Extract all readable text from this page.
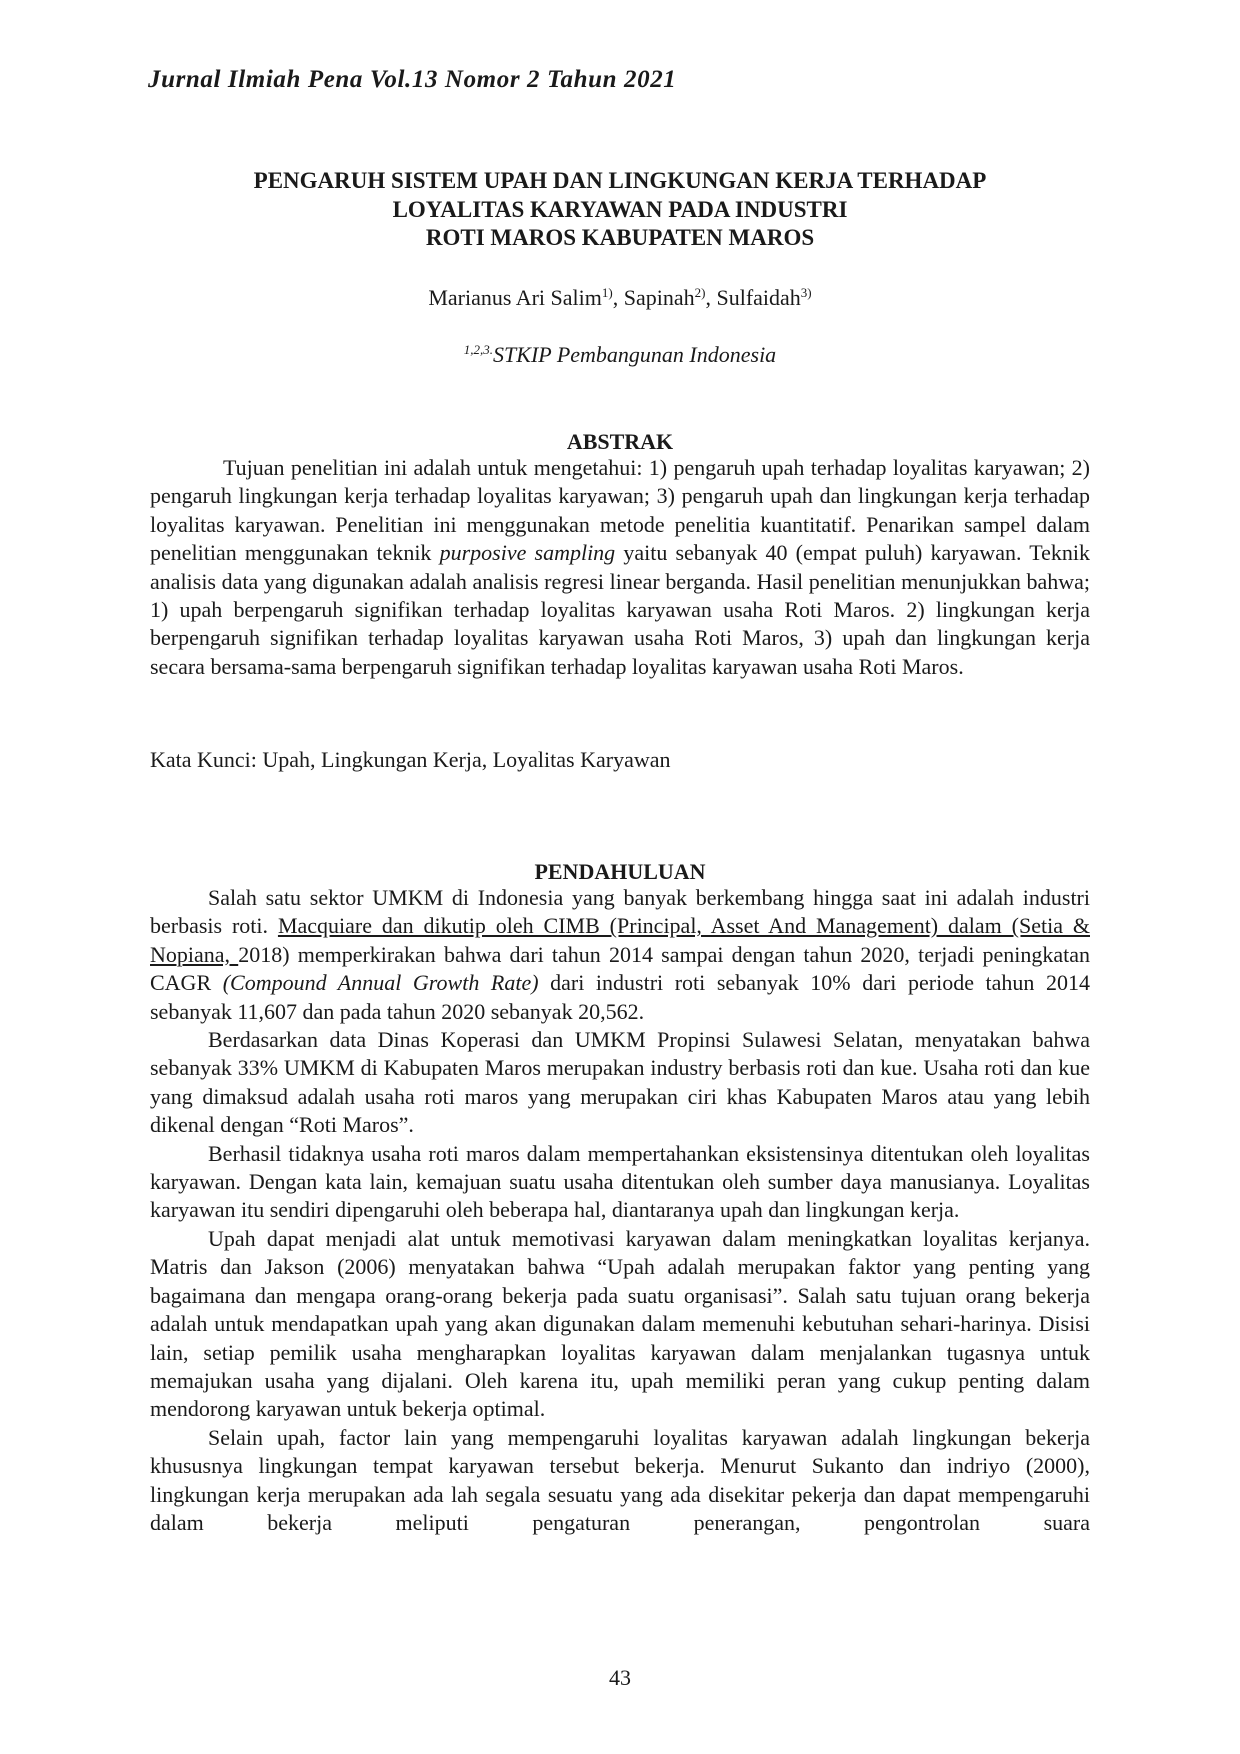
Jurnal Ilmiah Pena Vol.13 Nomor 2 Tahun 2021
PENGARUH SISTEM UPAH DAN LINGKUNGAN KERJA TERHADAP
LOYALITAS KARYAWAN PADA INDUSTRI
ROTI MAROS KABUPATEN MAROS
Marianus Ari Salim$^{1)}$, Sapinah$^{2)}$, Sulfaidah$^{3)}$
$^{1,2,3.}$STKIP Pembangunan Indonesia
ABSTRAK

Tujuan penelitian ini adalah untuk mengetahui: 1) pengaruh upah terhadap loyalitas karyawan; 2) pengaruh lingkungan kerja terhadap loyalitas karyawan; 3) pengaruh upah dan lingkungan kerja terhadap loyalitas karyawan. Penelitian ini menggunakan metode penelitia kuantitatif. Penarikan sampel dalam penelitian menggunakan teknik purposive sampling yaitu sebanyak 40 (empat puluh) karyawan. Teknik analisis data yang digunakan adalah analisis regresi linear berganda. Hasil penelitian menunjukkan bahwa; 1) upah berpengaruh signifikan terhadap loyalitas karyawan usaha Roti Maros. 2) lingkungan kerja berpengaruh signifikan terhadap loyalitas karyawan usaha Roti Maros, 3) upah dan lingkungan kerja secara bersama-sama berpengaruh signifikan terhadap loyalitas karyawan usaha Roti Maros.

Kata Kunci: Upah, Lingkungan Kerja, Loyalitas Karyawan
PENDAHULUAN

Salah satu sektor UMKM di Indonesia yang banyak berkembang hingga saat ini adalah industri berbasis roti. Macquiare dan dikutip oleh CIMB (Principal, Asset And Management) dalam (Setia & Nopiana, 2018) memperkirakan bahwa dari tahun 2014 sampai dengan tahun 2020, terjadi peningkatan CAGR (Compound Annual Growth Rate) dari industri roti sebanyak 10% dari periode tahun 2014 sebanyak 11,607 dan pada tahun 2020 sebanyak 20,562.

Berdasarkan data Dinas Koperasi dan UMKM Propinsi Sulawesi Selatan, menyatakan bahwa sebanyak 33% UMKM di Kabupaten Maros merupakan industry berbasis roti dan kue. Usaha roti dan kue yang dimaksud adalah usaha roti maros yang merupakan ciri khas Kabupaten Maros atau yang lebih dikenal dengan “Roti Maros”.

Berhasil tidaknya usaha roti maros dalam mempertahankan eksistensinya ditentukan oleh loyalitas karyawan. Dengan kata lain, kemajuan suatu usaha ditentukan oleh sumber daya manusianya. Loyalitas karyawan itu sendiri dipengaruhi oleh beberapa hal, diantaranya upah dan lingkungan kerja.

Upah dapat menjadi alat untuk memotivasi karyawan dalam meningkatkan loyalitas kerjanya. Matris dan Jakson (2006) menyatakan bahwa “Upah adalah merupakan faktor yang penting yang bagaimana dan mengapa orang-orang bekerja pada suatu organisasi”. Salah satu tujuan orang bekerja adalah untuk mendapatkan upah yang akan digunakan dalam memenuhi kebutuhan sehari-harinya. Disisi lain, setiap pemilik usaha mengharapkan loyalitas karyawan dalam menjalankan tugasnya untuk memajukan usaha yang dijalani. Oleh karena itu, upah memiliki peran yang cukup penting dalam mendorong karyawan untuk bekerja optimal.

Selain upah, factor lain yang mempengaruhi loyalitas karyawan adalah lingkungan bekerja khususnya lingkungan tempat karyawan tersebut bekerja. Menurut Sukanto dan indriyo (2000), lingkungan kerja merupakan ada lah segala sesuatu yang ada disekitar pekerja dan dapat mempengaruhi dalam bekerja meliputi pengaturan penerangan, pengontrolan suara

43
